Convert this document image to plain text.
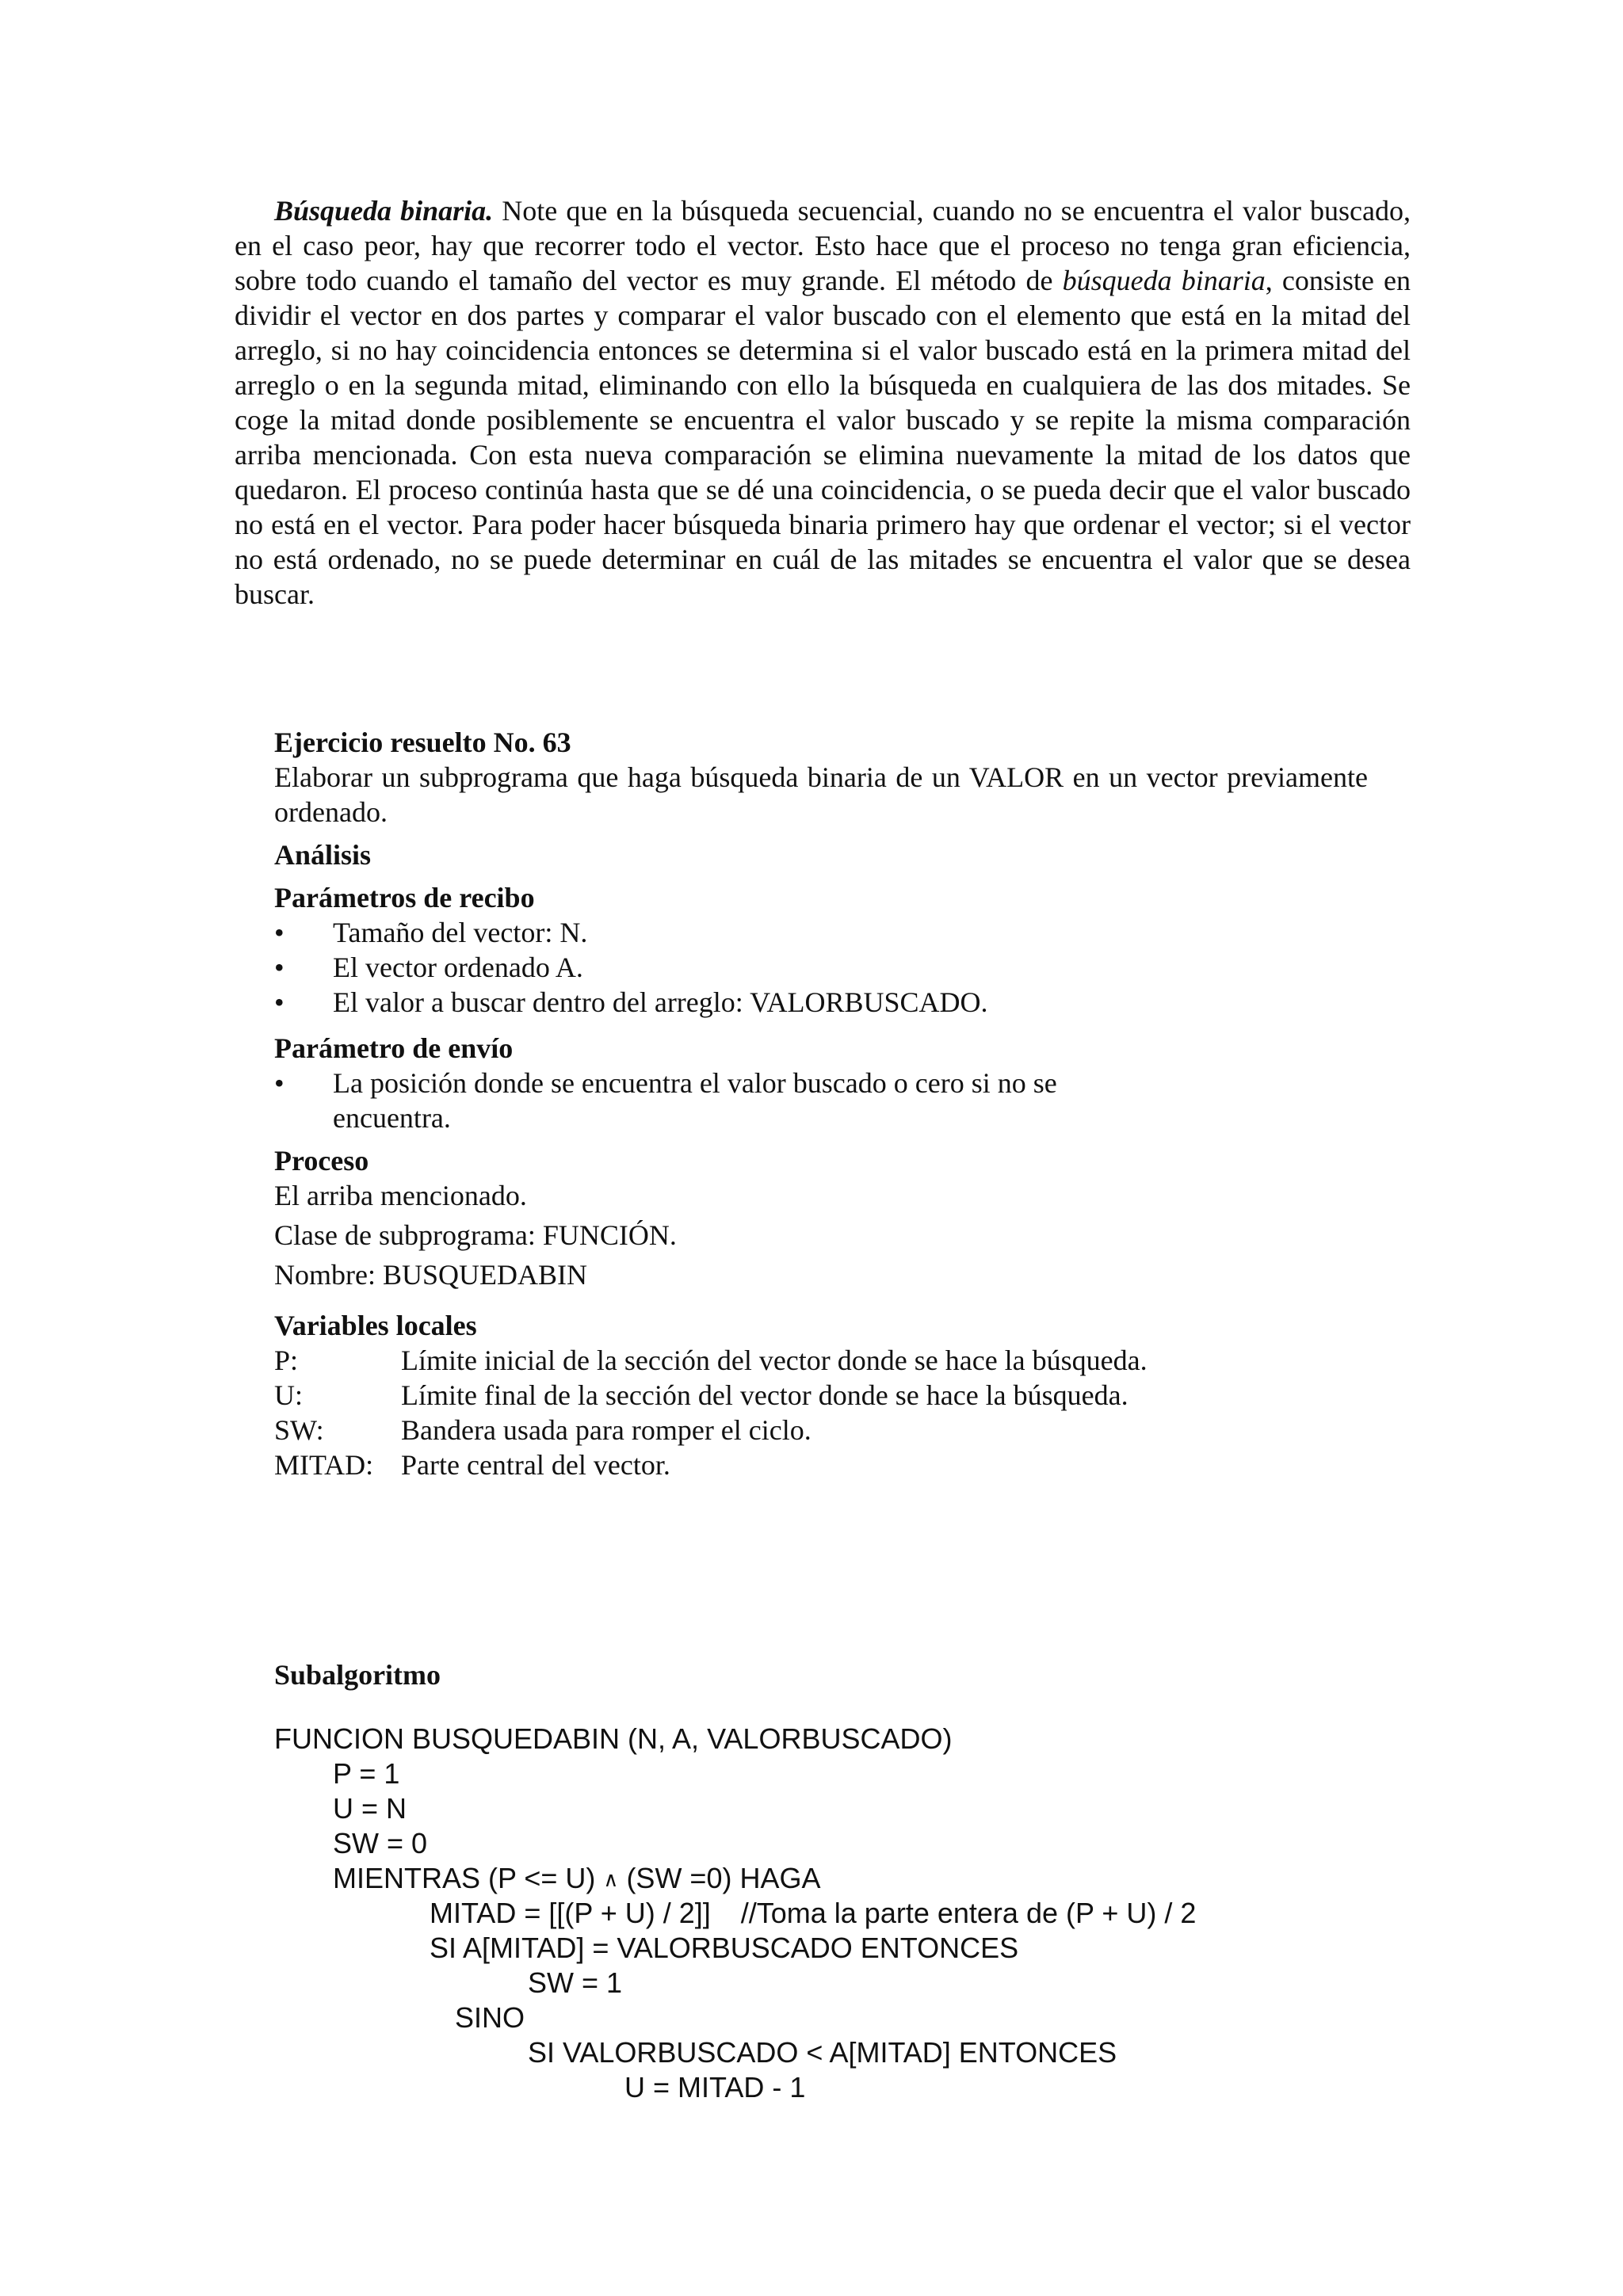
Búsqueda binaria. Note que en la búsqueda secuencial, cuando no se encuentra el valor buscado, en el caso peor, hay que recorrer todo el vector. Esto hace que el proceso no tenga gran eficiencia, sobre todo cuando el tamaño del vector es muy grande. El método de búsqueda binaria, consiste en dividir el vector en dos partes y comparar el valor buscado con el elemento que está en la mitad del arreglo, si no hay coincidencia entonces se determina si el valor buscado está en la primera mitad del arreglo o en la segunda mitad, eliminando con ello la búsqueda en cualquiera de las dos mitades. Se coge la mitad donde posiblemente se encuentra el valor buscado y se repite la misma comparación arriba mencionada. Con esta nueva comparación se elimina nuevamente la mitad de los datos que quedaron. El proceso continúa hasta que se dé una coincidencia, o se pueda decir que el valor buscado no está en el vector. Para poder hacer búsqueda binaria primero hay que ordenar el vector; si el vector no está ordenado, no se puede determinar en cuál de las mitades se encuentra el valor que se desea buscar.

Ejercicio resuelto No. 63

Elaborar un subprograma que haga búsqueda binaria de un VALOR en un vector previamente ordenado.

Análisis

Parámetros de recibo

• Tamaño del vector: N.
• El vector ordenado A.
• El valor a buscar dentro del arreglo: VALORBUSCADO.

Parámetro de envío

• La posición donde se encuentra el valor buscado o cero si no se encuentra.

Proceso

El arriba mencionado.

Clase de subprograma: FUNCIÓN.

Nombre: BUSQUEDABIN

Variables locales

P:	Límite inicial de la sección del vector donde se hace la búsqueda.
U:	Límite final de la sección del vector donde se hace la búsqueda.
SW:	Bandera usada para romper el ciclo.
MITAD:	Parte central del vector.

Subalgoritmo

FUNCION BUSQUEDABIN (N, A, VALORBUSCADO)
P = 1
U = N
SW = 0
MIENTRAS (P <= U) ∧ (SW =0) HAGA
MITAD = [[(P + U) / 2]] //Toma la parte entera de (P + U) / 2
SI A[MITAD] = VALORBUSCADO ENTONCES
SW = 1
SINO
SI VALORBUSCADO < A[MITAD] ENTONCES
U = MITAD - 1
